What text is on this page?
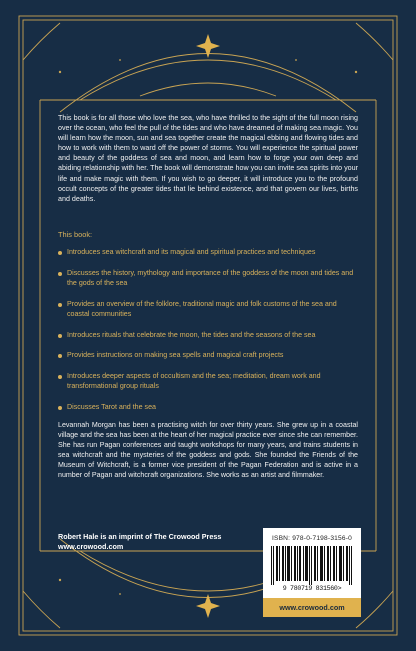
This book is for all those who love the sea, who have thrilled to the sight of the full moon rising over the ocean, who feel the pull of the tides and who have dreamed of making sea magic. You will learn how the moon, sun and sea together create the magical ebbing and flowing tides and how to work with them to ward off the power of storms. You will experience the spiritual power and beauty of the goddess of sea and moon, and learn how to forge your own deep and abiding relationship with her. The book will demonstrate how you can invite sea spirits into your life and make magic with them. If you wish to go deeper, it will introduce you to the profound occult concepts of the greater tides that lie behind existence, and that govern our lives, births and deaths.

This book:
Introduces sea witchcraft and its magical and spiritual practices and techniques
Discusses the history, mythology and importance of the goddess of the moon and tides and the gods of the sea
Provides an overview of the folklore, traditional magic and folk customs of the sea and coastal communities
Introduces rituals that celebrate the moon, the tides and the seasons of the sea
Provides instructions on making sea spells and magical craft projects
Introduces deeper aspects of occultism and the sea; meditation, dream work and transformational group rituals
Discusses Tarot and the sea
Levannah Morgan has been a practising witch for over thirty years. She grew up in a coastal village and the sea has been at the heart of her magical practice ever since she can remember. She has run Pagan conferences and taught workshops for many years, and trains students in sea witchcraft and the mysteries of the goddess and gods. She founded the Friends of the Museum of Witchcraft, is a former vice president of the Pagan Federation and is active in a number of Pagan and witchcraft organizations. She works as an artist and filmmaker.
Robert Hale is an imprint of The Crowood Press
www.crowood.com
ISBN: 978-0-7198-3156-0
9 780719 831560>
www.crowood.com
